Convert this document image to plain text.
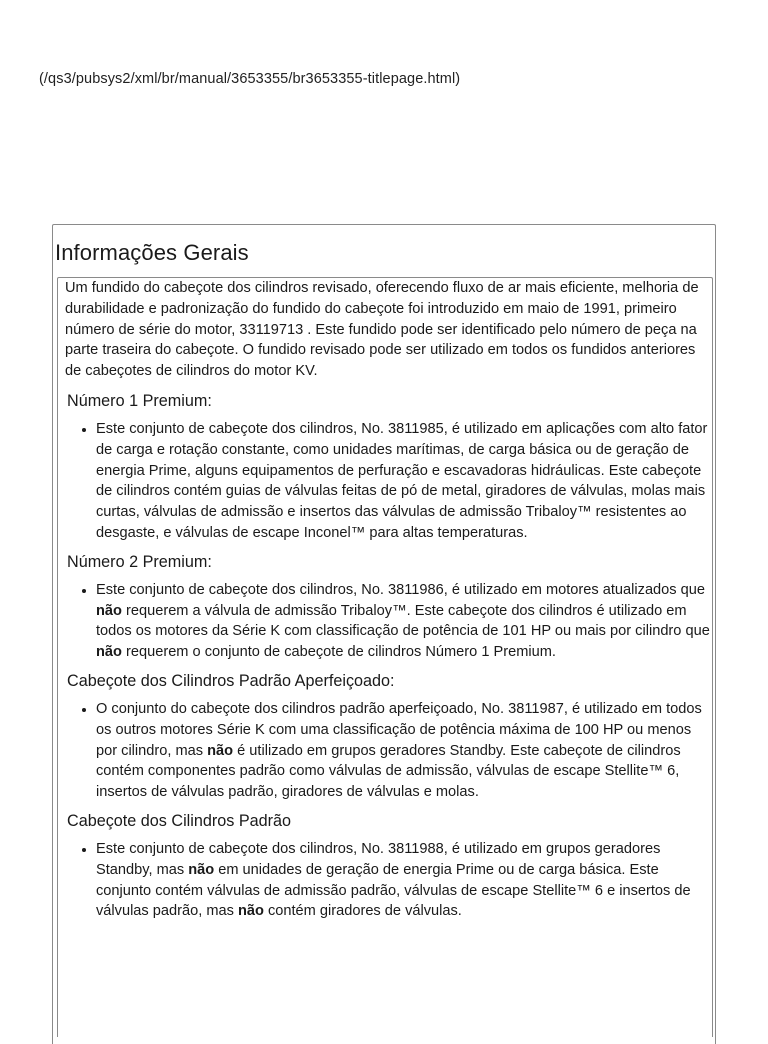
(/qs3/pubsys2/xml/br/manual/3653355/br3653355-titlepage.html)
Informações Gerais

Um fundido do cabeçote dos cilindros revisado, oferecendo fluxo de ar mais eficiente, melhoria de durabilidade e padronização do fundido do cabeçote foi introduzido em maio de 1991, primeiro número de série do motor, 33119713 . Este fundido pode ser identificado pelo número de peça na parte traseira do cabeçote. O fundido revisado pode ser utilizado em todos os fundidos anteriores de cabeçotes de cilindros do motor KV.

Número 1 Premium:
• Este conjunto de cabeçote dos cilindros, No. 3811985, é utilizado em aplicações com alto fator de carga e rotação constante, como unidades marítimas, de carga básica ou de geração de energia Prime, alguns equipamentos de perfuração e escavadoras hidráulicas. Este cabeçote de cilindros contém guias de válvulas feitas de pó de metal, giradores de válvulas, molas mais curtas, válvulas de admissão e insertos das válvulas de admissão Tribaloy™ resistentes ao desgaste, e válvulas de escape Inconel™ para altas temperaturas.
Número 2 Premium:
• Este conjunto de cabeçote dos cilindros, No. 3811986, é utilizado em motores atualizados que não requerem a válvula de admissão Tribaloy™. Este cabeçote dos cilindros é utilizado em todos os motores da Série K com classificação de potência de 101 HP ou mais por cilindro que não requerem o conjunto de cabeçote de cilindros Número 1 Premium.
Cabeçote dos Cilindros Padrão Aperfeiçoado:
• O conjunto do cabeçote dos cilindros padrão aperfeiçoado, No. 3811987, é utilizado em todos os outros motores Série K com uma classificação de potência máxima de 100 HP ou menos por cilindro, mas não é utilizado em grupos geradores Standby. Este cabeçote de cilindros contém componentes padrão como válvulas de admissão, válvulas de escape Stellite™ 6, insertos de válvulas padrão, giradores de válvulas e molas.
Cabeçote dos Cilindros Padrão
• Este conjunto de cabeçote dos cilindros, No. 3811988, é utilizado em grupos geradores Standby, mas não em unidades de geração de energia Prime ou de carga básica. Este conjunto contém válvulas de admissão padrão, válvulas de escape Stellite™ 6 e insertos de válvulas padrão, mas não contém giradores de válvulas.
